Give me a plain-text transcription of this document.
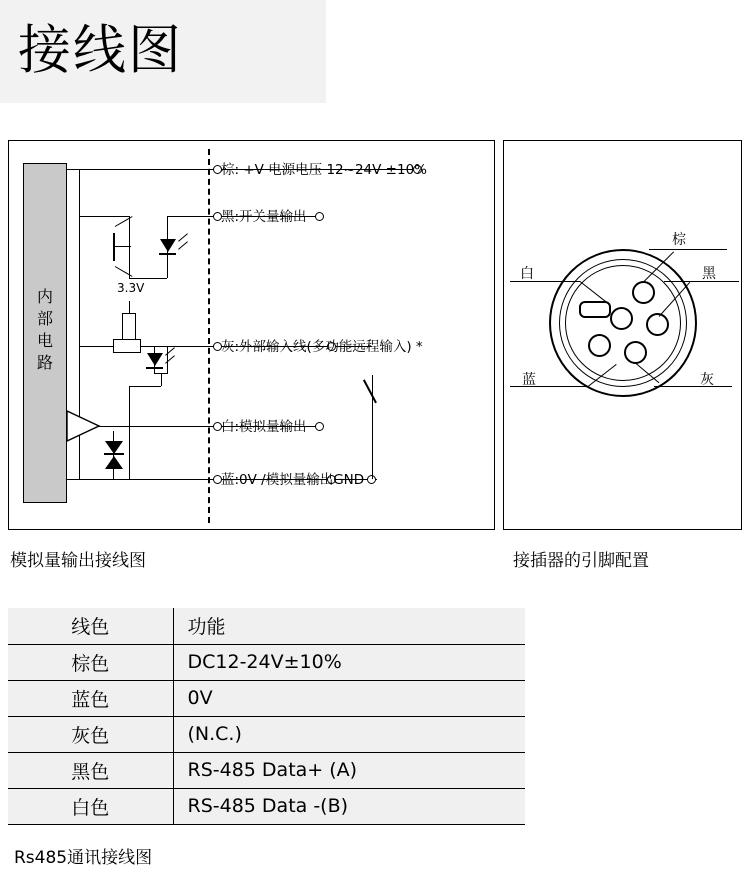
接线图
内
部
电
路
3.3V
棕: +V 电源电压 12~24V ±10%
黑:开关量输出
灰:外部输入线(多功能远程输入) *
白:模拟量输出
蓝:0V /模拟量输出GND
棕
黑
白
蓝	灰
模拟量输出接线图	接插器的引脚配置
线色	功能
棕色	DC12-24V±10%
蓝色	0V
灰色	(N.C.)
黑色	RS-485 Data+ (A)
白色	RS-485 Data -(B)
Rs485通讯接线图
